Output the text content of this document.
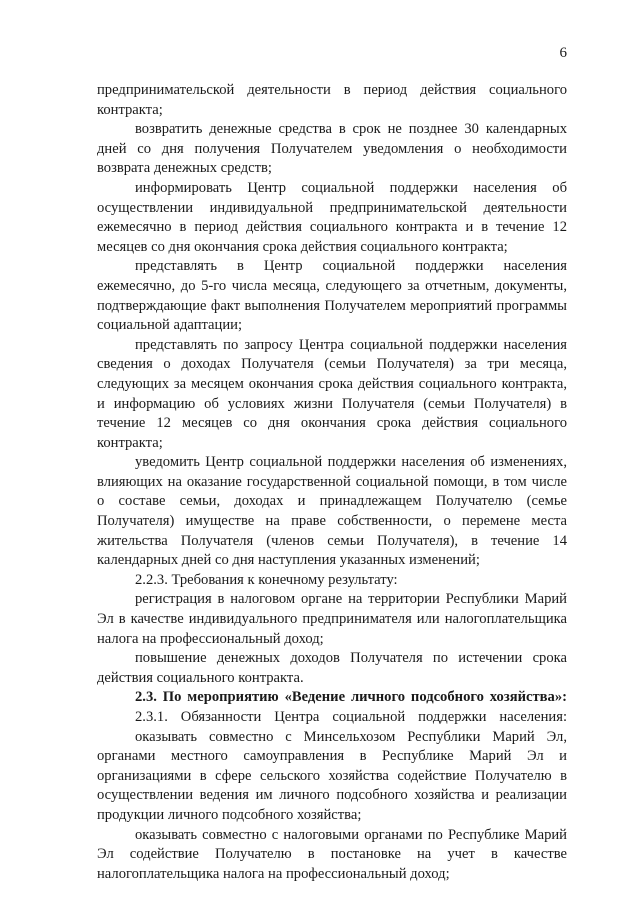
6

предпринимательской деятельности в период действия социального контракта;

возвратить денежные средства в срок не позднее 30 календарных дней со дня получения Получателем уведомления о необходимости возврата денежных средств;

информировать Центр социальной поддержки населения об осуществлении индивидуальной предпринимательской деятельности ежемесячно в период действия социального контракта и в течение 12 месяцев со дня окончания срока действия социального контракта;

представлять в Центр социальной поддержки населения ежемесячно, до 5-го числа месяца, следующего за отчетным, документы, подтверждающие факт выполнения Получателем мероприятий программы социальной адаптации;

представлять по запросу Центра социальной поддержки населения сведения о доходах Получателя (семьи Получателя) за три месяца, следующих за месяцем окончания срока действия социального контракта, и информацию об условиях жизни Получателя (семьи Получателя) в течение 12 месяцев со дня окончания срока действия социального контракта;

уведомить Центр социальной поддержки населения об изменениях, влияющих на оказание государственной социальной помощи, в том числе о составе семьи, доходах и принадлежащем Получателю (семье Получателя) имуществе на праве собственности, о перемене места жительства Получателя (членов семьи Получателя), в течение 14 календарных дней со дня наступления указанных изменений;

2.2.3. Требования к конечному результату:

регистрация в налоговом органе на территории Республики Марий Эл в качестве индивидуального предпринимателя или налогоплательщика налога на профессиональный доход;

повышение денежных доходов Получателя по истечении срока действия социального контракта.

2.3. По мероприятию «Ведение личного подсобного хозяйства»:

2.3.1. Обязанности Центра социальной поддержки населения:

оказывать совместно с Минсельхозом Республики Марий Эл, органами местного самоуправления в Республике Марий Эл и организациями в сфере сельского хозяйства содействие Получателю в осуществлении ведения им личного подсобного хозяйства и реализации продукции личного подсобного хозяйства;

оказывать совместно с налоговыми органами по Республике Марий Эл содействие Получателю в постановке на учет в качестве налогоплательщика налога на профессиональный доход;
